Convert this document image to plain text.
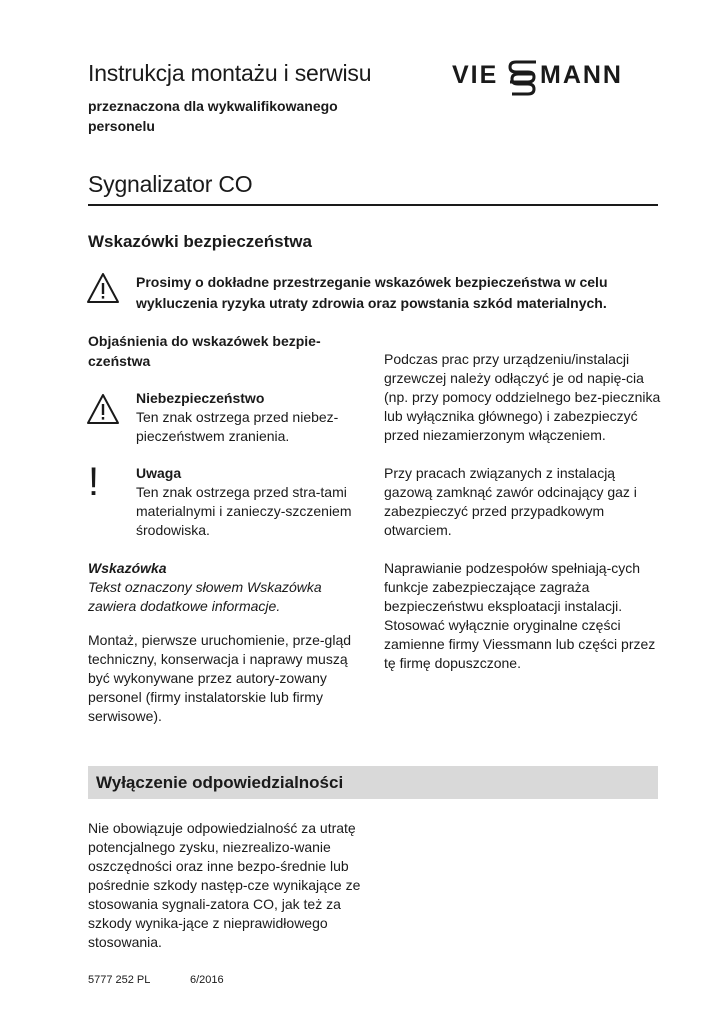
Instrukcja montażu i serwisu
przeznaczona dla wykwalifikowanego personelu
VIE MANN
Sygnalizator CO
Wskazówki bezpieczeństwa
Prosimy o dokładne przestrzeganie wskazówek bezpieczeństwa w celu wykluczenia ryzyka utraty zdrowia oraz powstania szkód materialnych.
Objaśnienia do wskazówek bezpie-czeństwa
Niebezpieczeństwo
Ten znak ostrzega przed niebez-pieczeństwem zranienia.
!	Uwaga
Ten znak ostrzega przed stra-tami materialnymi i zanieczy-szczeniem środowiska.
Wskazówka
Tekst oznaczony słowem Wskazówka zawiera dodatkowe informacje.
Montaż, pierwsze uruchomienie, prze-gląd techniczny, konserwacja i naprawy muszą być wykonywane przez autory-zowany personel (firmy instalatorskie lub firmy serwisowe).

Podczas prac przy urządzeniu/instalacji grzewczej należy odłączyć je od napię-cia (np. przy pomocy oddzielnego bez-piecznika lub wyłącznika głównego) i zabezpieczyć przed niezamierzonym włączeniem.

Przy pracach związanych z instalacją gazową zamknąć zawór odcinający gaz i zabezpieczyć przed przypadkowym otwarciem.

Naprawianie podzespołów spełniają-cych funkcje zabezpieczające zagraża bezpieczeństwu eksploatacji instalacji. Stosować wyłącznie oryginalne części zamienne firmy Viessmann lub części przez tę firmę dopuszczone.

Wyłączenie odpowiedzialności
Nie obowiązuje odpowiedzialność za utratę potencjalnego zysku, niezrealizo-wanie oszczędności oraz inne bezpo-średnie lub pośrednie szkody następ-cze wynikające ze stosowania sygnali-zatora CO, jak też za szkody wynika-jące z nieprawidłowego stosowania.
5777 252 PL	6/2016
